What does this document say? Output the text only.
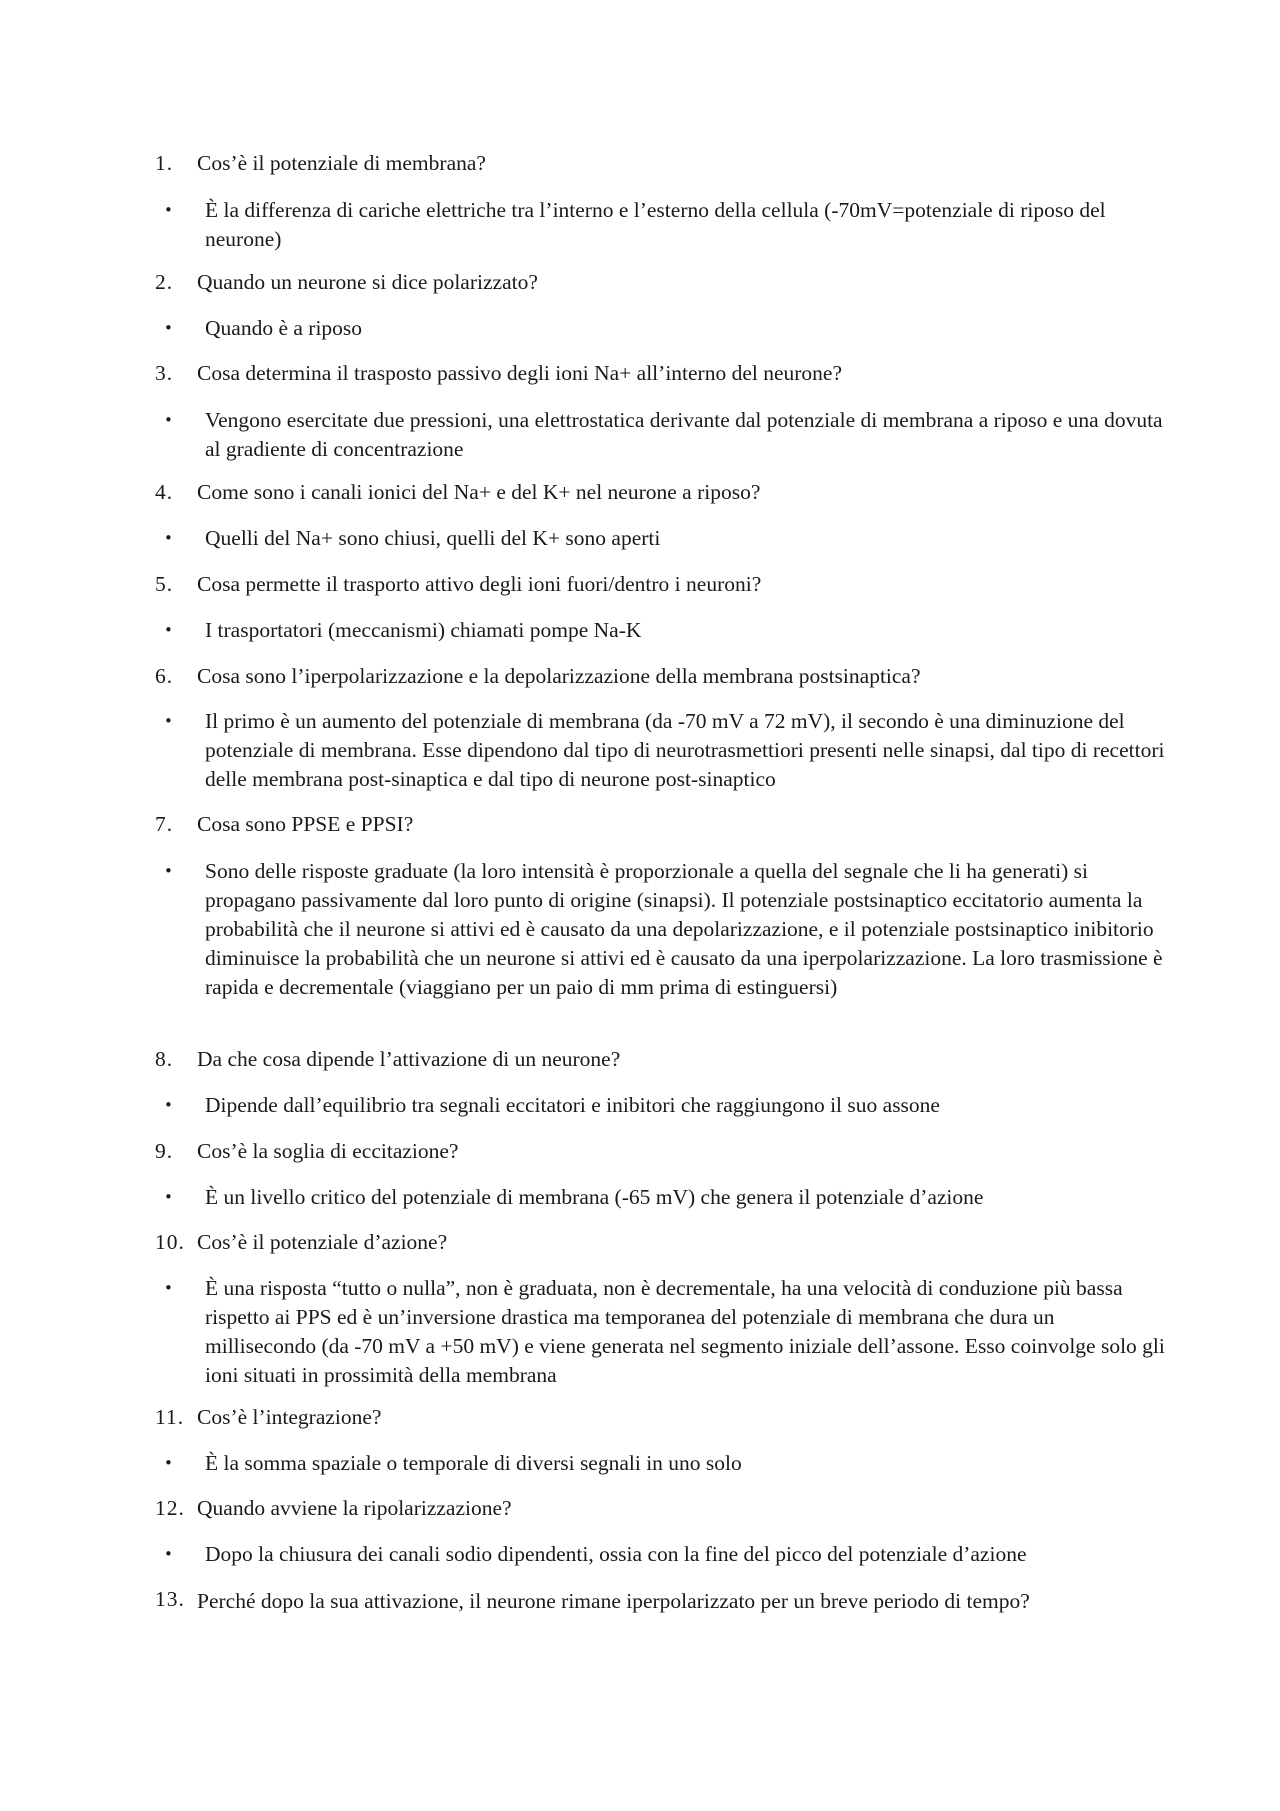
1.	Cos’è il potenziale di membrana?
•	È la differenza di cariche elettriche tra l’interno e l’esterno della cellula (-70mV=potenziale di riposo del neurone)
2.	Quando un neurone si dice polarizzato?
•	Quando è a riposo
3.	Cosa determina il trasposto passivo degli ioni Na+ all’interno del neurone?
•	Vengono esercitate due pressioni, una elettrostatica derivante dal potenziale di membrana a riposo e una dovuta al gradiente di concentrazione
4.	Come sono i canali ionici del Na+ e del K+ nel neurone a riposo?
•	Quelli del Na+ sono chiusi, quelli del K+ sono aperti
5.	Cosa permette il trasporto attivo degli ioni fuori/dentro i neuroni?
•	I trasportatori (meccanismi) chiamati pompe Na-K
6.	Cosa sono l’iperpolarizzazione e la depolarizzazione della membrana postsinaptica?
•	Il primo è un aumento del potenziale di membrana (da -70 mV a 72 mV), il secondo è una diminuzione del potenziale di membrana. Esse dipendono dal tipo di neurotrasmettiori presenti nelle sinapsi, dal tipo di recettori delle membrana post-sinaptica e dal tipo di neurone post-sinaptico
7.	Cosa sono PPSE e PPSI?
•	Sono delle risposte graduate (la loro intensità è proporzionale a quella del segnale che li ha generati) si propagano passivamente dal loro punto di origine (sinapsi). Il potenziale postsinaptico eccitatorio aumenta la probabilità che il neurone si attivi ed è causato da una depolarizzazione, e il potenziale postsinaptico inibitorio diminuisce la probabilità che un neurone si attivi ed è causato da una iperpolarizzazione. La loro trasmissione è rapida e decrementale (viaggiano per un paio di mm prima di estinguersi)
8.	Da che cosa dipende l’attivazione di un neurone?
•	Dipende dall’equilibrio tra segnali eccitatori e inibitori che raggiungono il suo assone
9.	Cos’è la soglia di eccitazione?
•	È un livello critico del potenziale di membrana (-65 mV) che genera il potenziale d’azione
10. Cos’è il potenziale d’azione?
•	È una risposta “tutto o nulla”, non è graduata, non è decrementale, ha una velocità di conduzione più bassa rispetto ai PPS ed è un’inversione drastica ma temporanea del potenziale di membrana che dura un millisecondo (da -70 mV a +50 mV) e viene generata nel segmento iniziale dell’assone. Esso coinvolge solo gli ioni situati in prossimità della membrana
11. Cos’è l’integrazione?
•	È la somma spaziale o temporale di diversi segnali in uno solo
12. Quando avviene la ripolarizzazione?
•	Dopo la chiusura dei canali sodio dipendenti, ossia con la fine del picco del potenziale d’azione
13. Perché dopo la sua attivazione, il neurone rimane iperpolarizzato per un breve periodo di tempo?
